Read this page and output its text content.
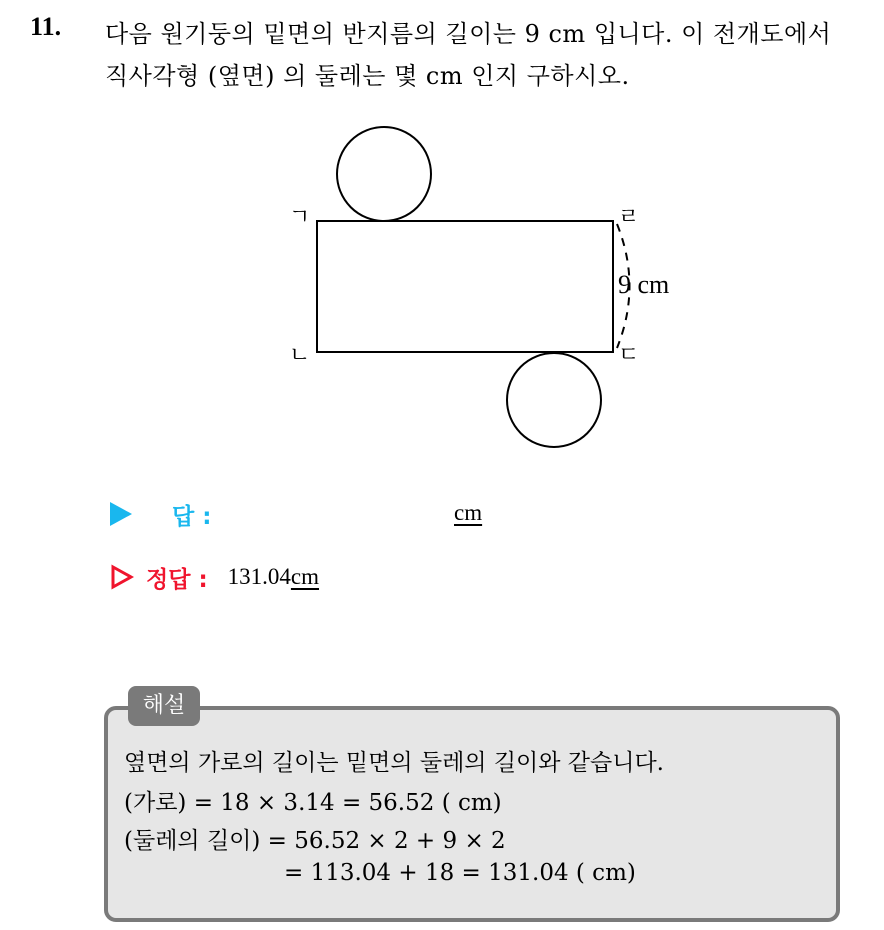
11. 다음 원기둥의 밑면의 반지름의 길이는 9 cm 입니다. 이 전개도에서
직사각형 (옆면) 의 둘레는 몇 cm 인지 구하시오.
ㄱ
ㄴ	ㄷ
ㄹ
9 cm
답 :	cm
정답 : 131.04 cm
해설
옆면의 가로의 길이는 밑면의 둘레의 길이와 같습니다.
(가로) = 18 × 3.14 = 56.52 ( cm)
(둘레의 길이) = 56.52 × 2 + 9 × 2
= 113.04 + 18 = 131.04 ( cm)
